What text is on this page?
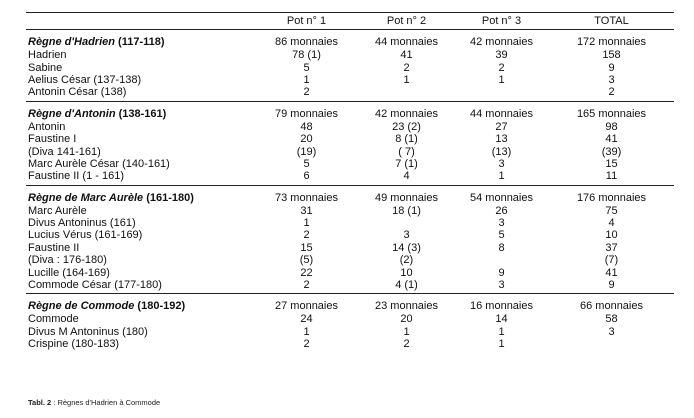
	Pot n° 1	Pot n° 2	Pot n° 3	TOTAL
Règne d'Hadrien (117-118)	86 monnaies	44 monnaies	42 monnaies	172 monnaies
Hadrien	78 (1)	41	39	158
Sabine	5	2	2	9
Aelius César (137-138)	1	1	1	3
Antonin César (138)	2			2
Règne d'Antonin (138-161)	79 monnaies	42 monnaies	44 monnaies	165 monnaies
Antonin	48	23 (2)	27	98
Faustine I	20	8 (1)	13	41
(Diva 141-161)	(19)	( 7)	(13)	(39)
Marc Aurèle César (140-161)	5	7 (1)	3	15
Faustine II (1 - 161)	6	4	1	11
Règne de Marc Aurèle (161-180)	73 monnaies	49 monnaies	54 monnaies	176 monnaies
Marc Aurèle	31	18 (1)	26	75
Divus Antoninus (161)	1		3	4
Lucius Vérus (161-169)	2	3	5	10
Faustine II	15	14 (3)	8	37
(Diva : 176-180)	(5)	(2)		(7)
Lucille (164-169)	22	10	9	41
Commode César (177-180)	2	4 (1)	3	9
Règne de Commode (180-192)	27 monnaies	23 monnaies	16 monnaies	66 monnaies
Commode	24	20	14	58
Divus M Antoninus (180)	1	1	1	3
Crispine (180-183)	2	2	1	
Tabl. 2 : Règnes d'Hadrien à Commode
